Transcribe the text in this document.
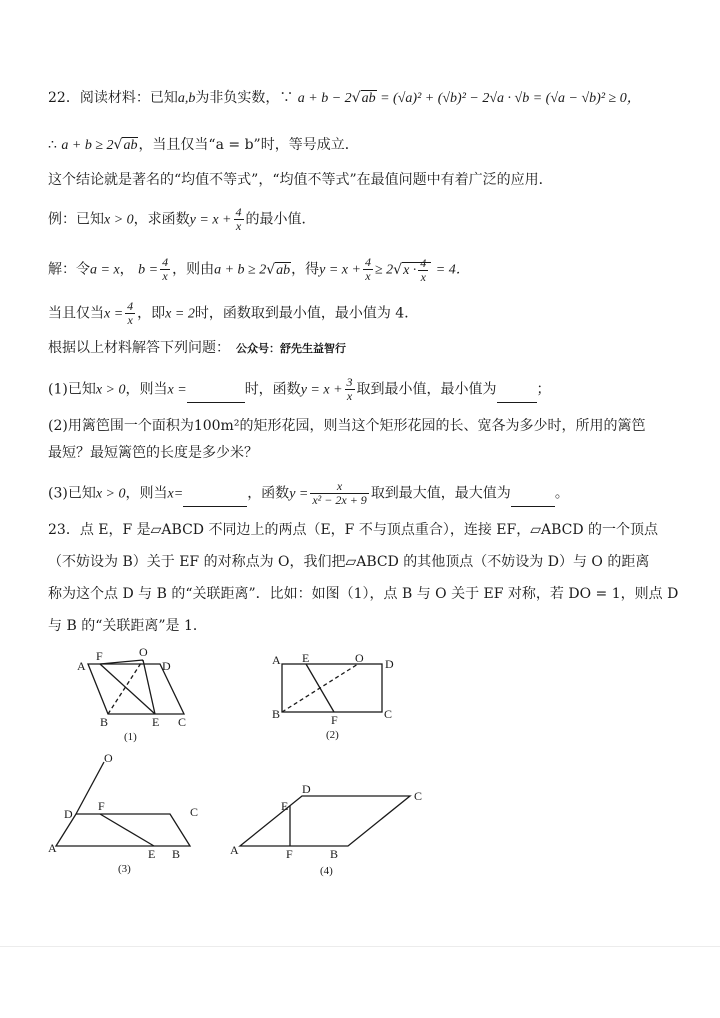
22．阅读材料：已知a,b为非负实数，∵ a + b − 2√ab = (√a)² + (√b)² − 2√a · √b = (√a − √b)² ≥ 0，
∴ a + b ≥ 2√ab，当且仅当“a = b”时，等号成立．
这个结论就是著名的“均值不等式”，“均值不等式”在最值问题中有着广泛的应用．
例：已知x > 0，求函数$y = x + \frac{4}{x}$ 的最小值．
解：令a = x， $b = \frac{4}{x}$ ，则由a + b ≥ 2√ab，得$y = x + \frac{4}{x} \ge 2√x \cdot \frac{4}{x} = 4$．
当且仅当$x = \frac{4}{x}$ ，即x = 2时，函数取到最小值，最小值为 4．
根据以上材料解答下列问题： 公众号：舒先生益智行
(1)已知x > 0，则当x =	时，函数$y = x + \frac{3}{x}$ 取到最小值，最小值为	；
(2)用篱笆围一个面积为100m²的矩形花园，则当这个矩形花园的长、宽各为多少时，所用的篱笆
最短？最短篱笆的长度是多少米？
(3)已知x > 0，则当x=	，函数$y = \frac{x}{\text{x² − 2x + 9}}$ 取到最大值，最大值为	。
23．点 E，F 是▱ABCD 不同边上的两点（E，F 不与顶点重合），连接 EF，▱ABCD 的一个顶点
（不妨设为 B）关于 EF 的对称点为 O，我们把▱ABCD 的其他顶点（不妨设为 D）与 O 的距离
称为这个点 D 与 B 的“关联距离”．比如：如图（1），点 B 与 O 关于 EF 对称，若 DO = 1，则点 D
与 B 的“关联距离”是 1．
A
F	O
D
B	E C
(1)
A E	O D
B	F	C
(2)
O
D
F	C
A	E B
(3)
D	C
E
A	F	B
(4)
